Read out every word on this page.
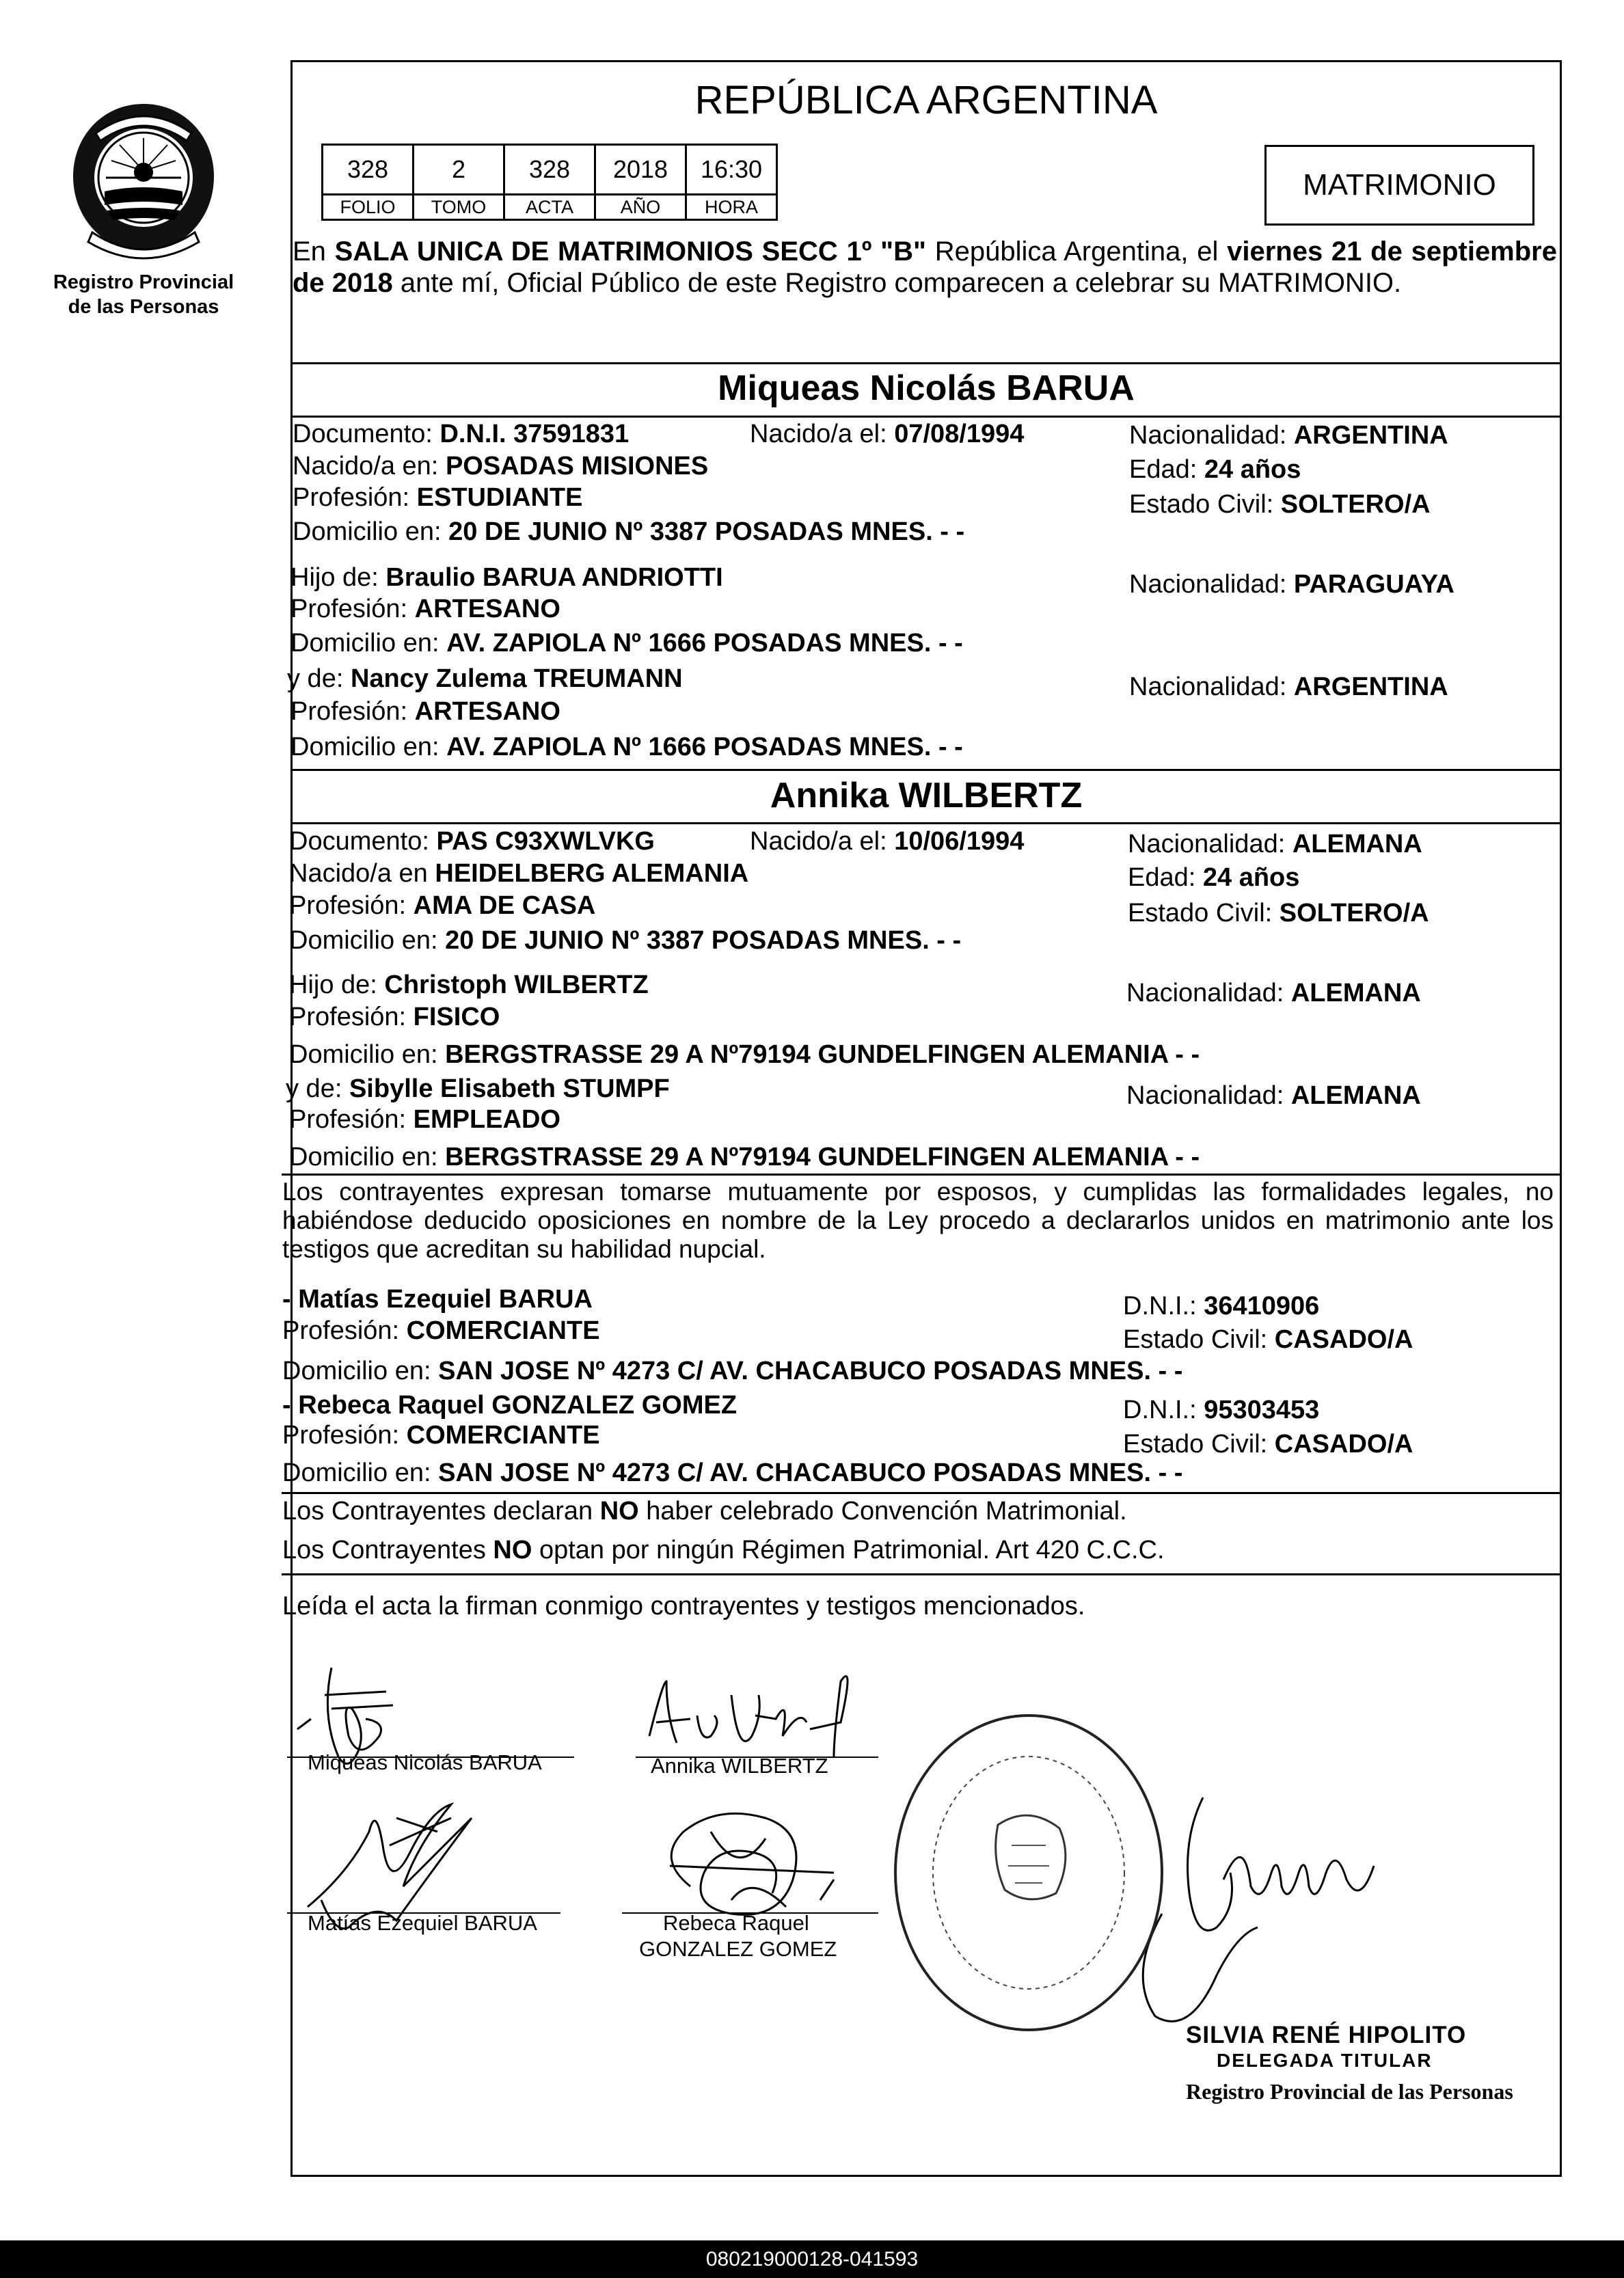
Registro Provincial
de las Personas
REPÚBLICA ARGENTINA
328	2	328	2018	16:30
FOLIO	TOMO	ACTA	AÑO	HORA
MATRIMONIO
En SALA UNICA DE MATRIMONIOS SECC 1º "B" República Argentina, el viernes 21 de septiembre de 2018 ante mí, Oficial Público de este Registro comparecen a celebrar su MATRIMONIO.
Miqueas Nicolás BARUA
Documento: D.N.I. 37591831	Nacido/a el: 07/08/1994	Nacionalidad: ARGENTINA
Nacido/a en: POSADAS MISIONES	Edad: 24 años
Profesión: ESTUDIANTE	Estado Civil: SOLTERO/A
Domicilio en: 20 DE JUNIO Nº 3387 POSADAS MNES. - -
Hijo de: Braulio BARUA ANDRIOTTI	Nacionalidad: PARAGUAYA
Profesión: ARTESANO
Domicilio en: AV. ZAPIOLA Nº 1666 POSADAS MNES. - -
y de: Nancy Zulema TREUMANN	Nacionalidad: ARGENTINA
Profesión: ARTESANO
Domicilio en: AV. ZAPIOLA Nº 1666 POSADAS MNES. - -
Annika WILBERTZ
Documento: PAS C93XWLVKG	Nacido/a el: 10/06/1994	Nacionalidad: ALEMANA
Nacido/a en HEIDELBERG ALEMANIA	Edad: 24 años
Profesión: AMA DE CASA	Estado Civil: SOLTERO/A
Domicilio en: 20 DE JUNIO Nº 3387 POSADAS MNES. - -
Hijo de: Christoph WILBERTZ	Nacionalidad: ALEMANA
Profesión: FISICO
Domicilio en: BERGSTRASSE 29 A Nº79194 GUNDELFINGEN ALEMANIA - -
y de: Sibylle Elisabeth STUMPF	Nacionalidad: ALEMANA
Profesión: EMPLEADO
Domicilio en: BERGSTRASSE 29 A Nº79194 GUNDELFINGEN ALEMANIA - -
Los contrayentes expresan tomarse mutuamente por esposos, y cumplidas las formalidades legales, no habiéndose deducido oposiciones en nombre de la Ley procedo a declararlos unidos en matrimonio ante los testigos que acreditan su habilidad nupcial.
- Matías Ezequiel BARUA	D.N.I.: 36410906
Profesión: COMERCIANTE	Estado Civil: CASADO/A
Domicilio en: SAN JOSE Nº 4273 C/ AV. CHACABUCO POSADAS MNES. - -
- Rebeca Raquel GONZALEZ GOMEZ	D.N.I.: 95303453
Profesión: COMERCIANTE	Estado Civil: CASADO/A
Domicilio en: SAN JOSE Nº 4273 C/ AV. CHACABUCO POSADAS MNES. - -
Los Contrayentes declaran NO haber celebrado Convención Matrimonial.
Los Contrayentes NO optan por ningún Régimen Patrimonial. Art 420 C.C.C.
Leída el acta la firman conmigo contrayentes y testigos mencionados.
Miqueas Nicolás BARUA	Annika WILBERTZ
Matías Ezequiel BARUA	Rebeca Raquel
GONZALEZ GOMEZ
SILVIA RENÉ HIPOLITO
DELEGADA TITULAR
Registro Provincial de las Personas
080219000128-041593
